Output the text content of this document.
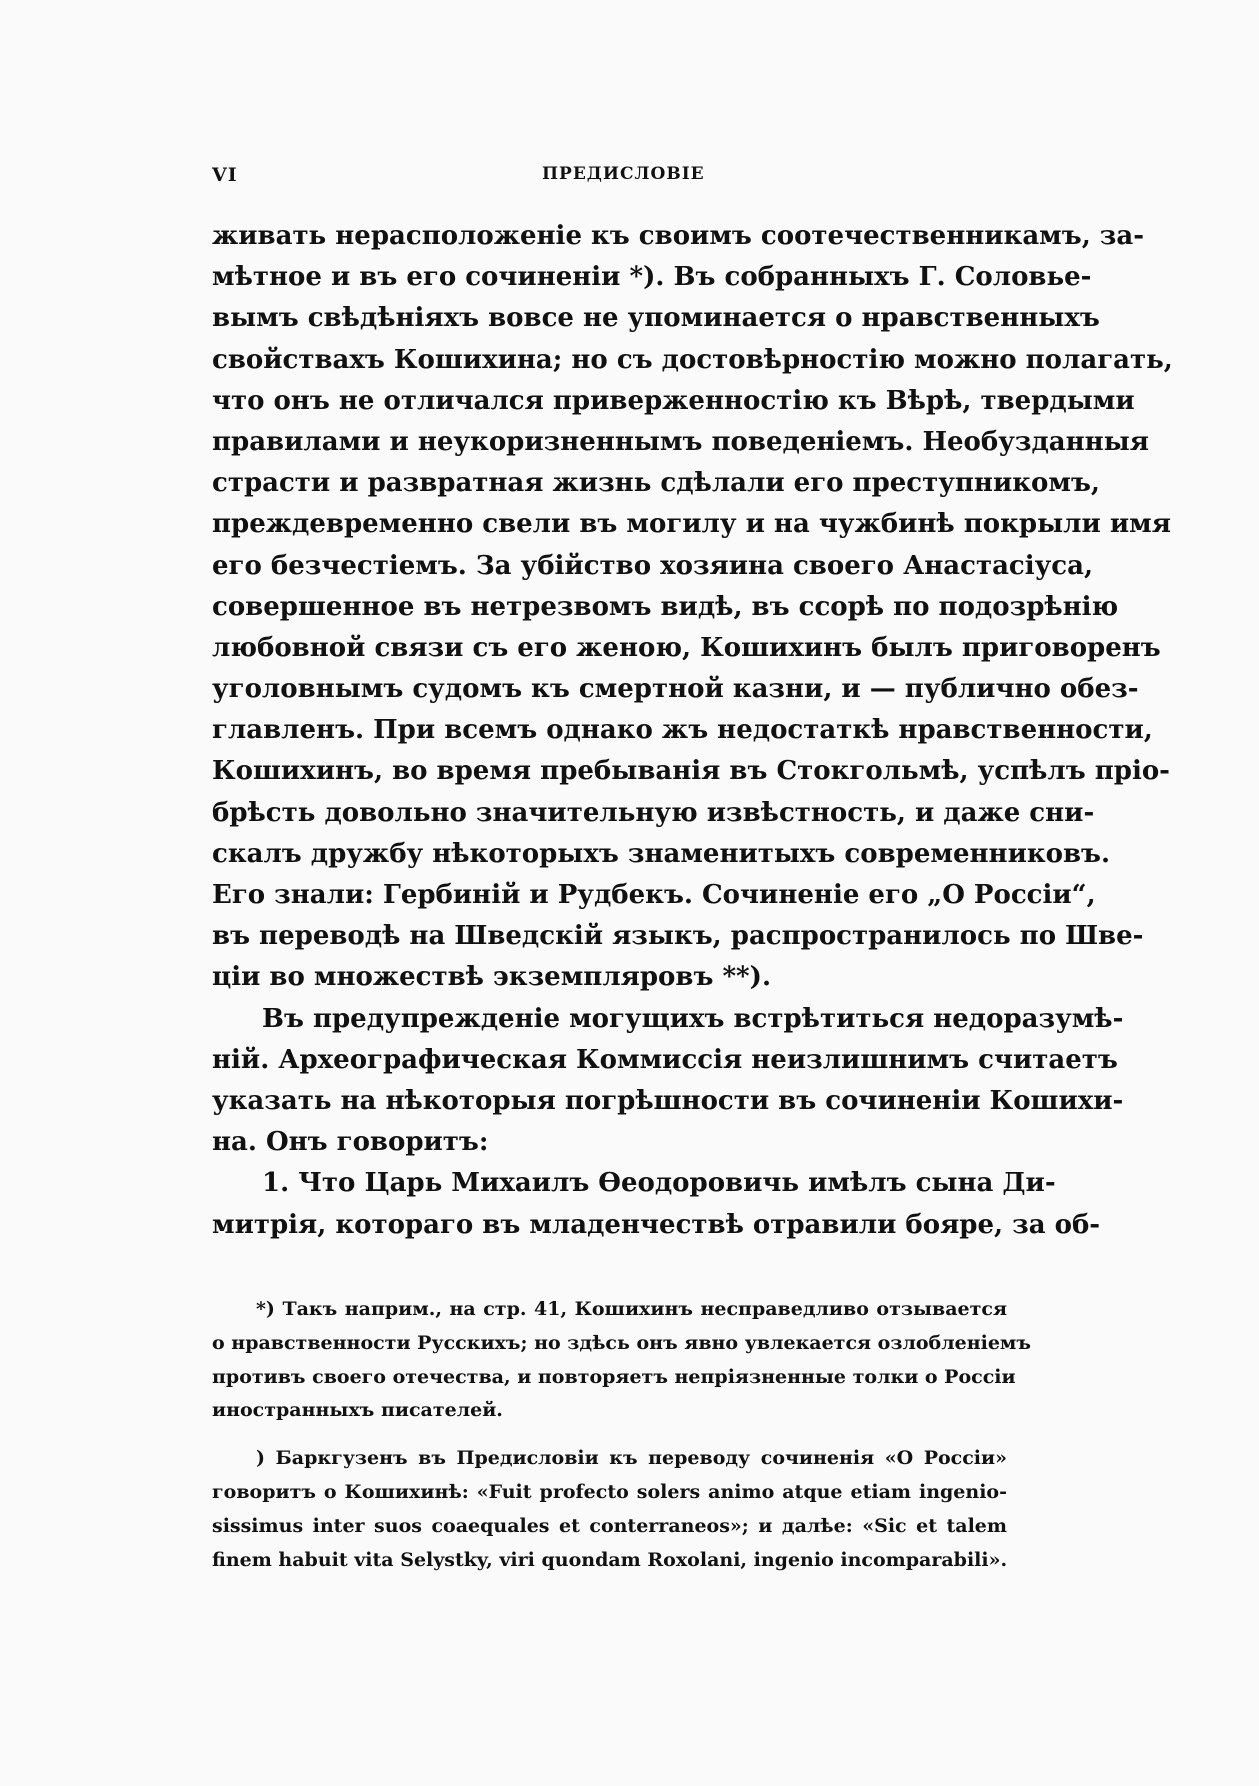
VI	ПРЕДИСЛОВІЕ
живать нерасположеніе къ своимъ соотечественникамъ, за-
мѣтное и въ его сочиненіи *). Въ собранныхъ Г. Соловье-
вымъ свѣдѣніяхъ вовсе не упоминается о нравственныхъ
свойствахъ Кошихина; но съ достовѣрностію можно полагать,
что онъ не отличался приверженностію къ Вѣрѣ, твердыми
правилами и неукоризненнымъ поведеніемъ. Необузданныя
страсти и развратная жизнь сдѣлали его преступникомъ,
преждевременно свели въ могилу и на чужбинѣ покрыли имя
его безчестіемъ. За убійство хозяина своего Анастасіуса,
совершенное въ нетрезвомъ видѣ, въ ссорѣ по подозрѣнію
любовной связи съ его женою, Кошихинъ былъ приговоренъ
уголовнымъ судомъ къ смертной казни, и — публично обез-
главленъ. При всемъ однако жъ недостаткѣ нравственности,
Кошихинъ, во время пребыванія въ Стокгольмѣ, успѣлъ пріо-
брѣсть довольно значительную извѣстность, и даже сни-
скалъ дружбу нѣкоторыхъ знаменитыхъ современниковъ.
Его знали: Гербиній и Рудбекъ. Сочиненіе его „О Россіи“,
въ переводѣ на Шведскій языкъ, распространилось по Шве-
ціи во множествѣ экземпляровъ **).
Въ предупрежденіе могущихъ встрѣтиться недоразумѣ-
ній. Археографическая Коммиссія неизлишнимъ считаетъ
указать на нѣкоторыя погрѣшности въ сочиненіи Кошихи-
на. Онъ говоритъ:
1. Что Царь Михаилъ Ѳеодоровичь имѣлъ сына Ди-
митрія, котораго въ младенчествѣ отравили бояре, за об-
*) Такъ наприм., на стр. 41, Кошихинъ несправедливо отзывается
о нравственности Русскихъ; но здѣсь онъ явно увлекается озлобленіемъ
противъ своего отечества, и повторяетъ непріязненные толки о Россіи
иностранныхъ писателей.
) Баркгузенъ въ Предисловіи къ переводу сочиненія «О Россіи»
говоритъ о Кошихинѣ: «Fuit profecto solers animo atque etiam ingenio-
sissimus inter suos coaequales et conterraneos»; и далѣе: «Sic et talem
finem habuit vita Selystky, viri quondam Roxolani, ingenio incomparabili».
